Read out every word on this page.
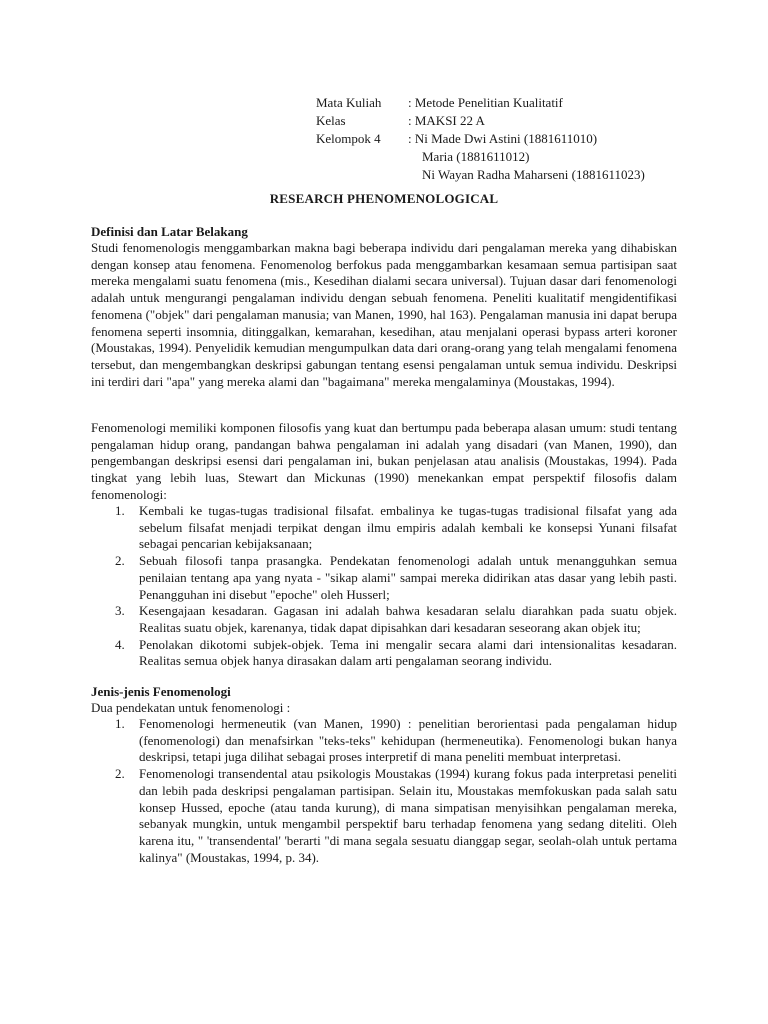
Mata Kuliah	: Metode Penelitian Kualitatif
Kelas	: MAKSI 22 A
Kelompok 4	: Ni Made Dwi Astini (1881611010)
Maria (1881611012)
Ni Wayan Radha Maharseni (1881611023)
RESEARCH PHENOMENOLOGICAL
Definisi dan Latar Belakang
Studi fenomenologis menggambarkan makna bagi beberapa individu dari pengalaman mereka yang dihabiskan dengan konsep atau fenomena. Fenomenolog berfokus pada menggambarkan kesamaan semua partisipan saat mereka mengalami suatu fenomena (mis., Kesedihan dialami secara universal). Tujuan dasar dari fenomenologi adalah untuk mengurangi pengalaman individu dengan sebuah fenomena. Peneliti kualitatif mengidentifikasi fenomena ("objek" dari pengalaman manusia; van Manen, 1990, hal 163). Pengalaman manusia ini dapat berupa fenomena seperti insomnia, ditinggalkan, kemarahan, kesedihan, atau menjalani operasi bypass arteri koroner (Moustakas, 1994). Penyelidik kemudian mengumpulkan data dari orang-orang yang telah mengalami fenomena tersebut, dan mengembangkan deskripsi gabungan tentang esensi pengalaman untuk semua individu. Deskripsi ini terdiri dari "apa" yang mereka alami dan "bagaimana" mereka mengalaminya (Moustakas, 1994).
Fenomenologi memiliki komponen filosofis yang kuat dan bertumpu pada beberapa alasan umum: studi tentang pengalaman hidup orang, pandangan bahwa pengalaman ini adalah yang disadari (van Manen, 1990), dan pengembangan deskripsi esensi dari pengalaman ini, bukan penjelasan atau analisis (Moustakas, 1994). Pada tingkat yang lebih luas, Stewart dan Mickunas (1990) menekankan empat perspektif filosofis dalam fenomenologi:
1. Kembali ke tugas-tugas tradisional filsafat. embalinya ke tugas-tugas tradisional filsafat yang ada sebelum filsafat menjadi terpikat dengan ilmu empiris adalah kembali ke konsepsi Yunani filsafat sebagai pencarian kebijaksanaan;
2. Sebuah filosofi tanpa prasangka. Pendekatan fenomenologi adalah untuk menangguhkan semua penilaian tentang apa yang nyata - "sikap alami" sampai mereka didirikan atas dasar yang lebih pasti. Penangguhan ini disebut "epoche" oleh Husserl;
3. Kesengajaan kesadaran. Gagasan ini adalah bahwa kesadaran selalu diarahkan pada suatu objek. Realitas suatu objek, karenanya, tidak dapat dipisahkan dari kesadaran seseorang akan objek itu;
4. Penolakan dikotomi subjek-objek. Tema ini mengalir secara alami dari intensionalitas kesadaran. Realitas semua objek hanya dirasakan dalam arti pengalaman seorang individu.
Jenis-jenis Fenomenologi
Dua pendekatan untuk fenomenologi :
1. Fenomenologi hermeneutik (van Manen, 1990) : penelitian berorientasi pada pengalaman hidup (fenomenologi) dan menafsirkan "teks-teks" kehidupan (hermeneutika). Fenomenologi bukan hanya deskripsi, tetapi juga dilihat sebagai proses interpretif di mana peneliti membuat interpretasi.
2. Fenomenologi transendental atau psikologis Moustakas (1994) kurang fokus pada interpretasi peneliti dan lebih pada deskripsi pengalaman partisipan. Selain itu, Moustakas memfokuskan pada salah satu konsep Hussed, epoche (atau tanda kurung), di mana simpatisan menyisihkan pengalaman mereka, sebanyak mungkin, untuk mengambil perspektif baru terhadap fenomena yang sedang diteliti. Oleh karena itu, " 'transendental' 'berarti "di mana segala sesuatu dianggap segar, seolah-olah untuk pertama kalinya" (Moustakas, 1994, p. 34).
